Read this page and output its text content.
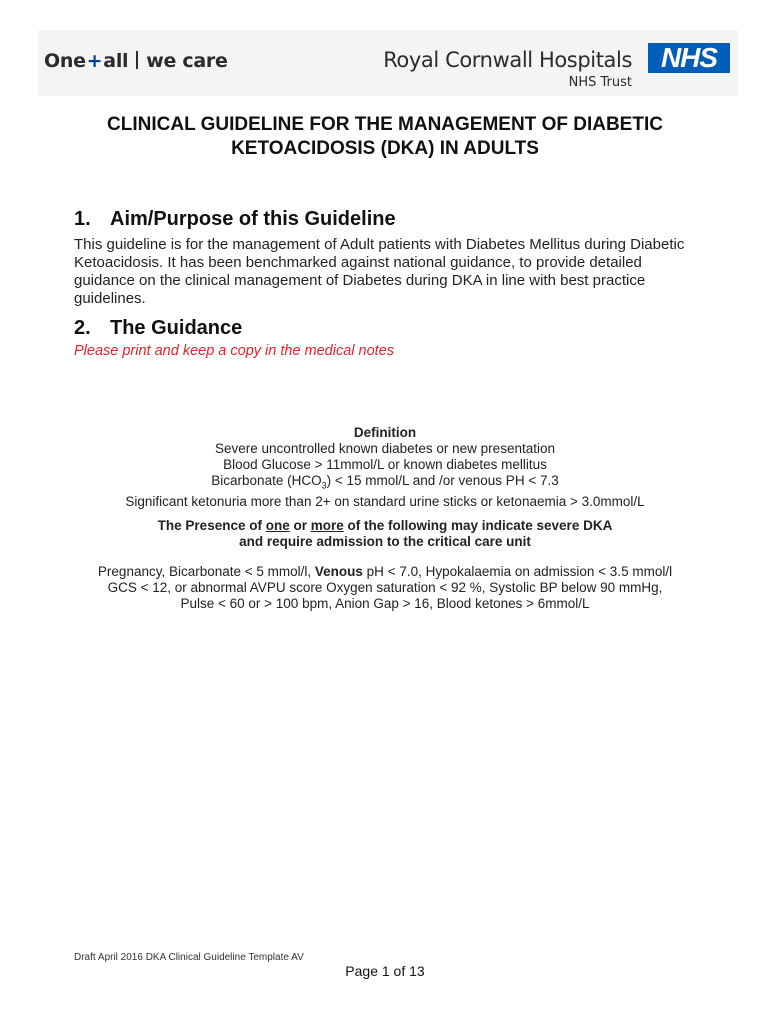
One+all we care	Royal Cornwall Hospitals
NHS Trust
NHS
CLINICAL GUIDELINE FOR THE MANAGEMENT OF DIABETIC
KETOACIDOSIS (DKA) IN ADULTS
1. Aim/Purpose of this Guideline
This guideline is for the management of Adult patients with Diabetes Mellitus during Diabetic Ketoacidosis. It has been benchmarked against national guidance, to provide detailed guidance on the clinical management of Diabetes during DKA in line with best practice guidelines.
2. The Guidance
Please print and keep a copy in the medical notes
Definition
Severe uncontrolled known diabetes or new presentation
Blood Glucose > 11mmol/L or known diabetes mellitus
Bicarbonate $(HCO_3) < 15$ mmol/L and /or venous PH < 7.3
Significant ketonuria more than 2+ on standard urine sticks or ketonaemia > 3.0mmol/L
The Presence of one or more of the following may indicate severe DKA
and require admission to the critical care unit
Pregnancy, Bicarbonate < 5 mmol/l, Venous pH < 7.0, Hypokalaemia on admission < 3.5 mmol/l
GCS < 12, or abnormal AVPU score Oxygen saturation < 92 %, Systolic BP below 90 mmHg,
Pulse < 60 or > 100 bpm, Anion Gap > 16, Blood ketones > 6mmol/L
Draft April 2016 DKA Clinical Guideline Template AV
Page 1 of 13
